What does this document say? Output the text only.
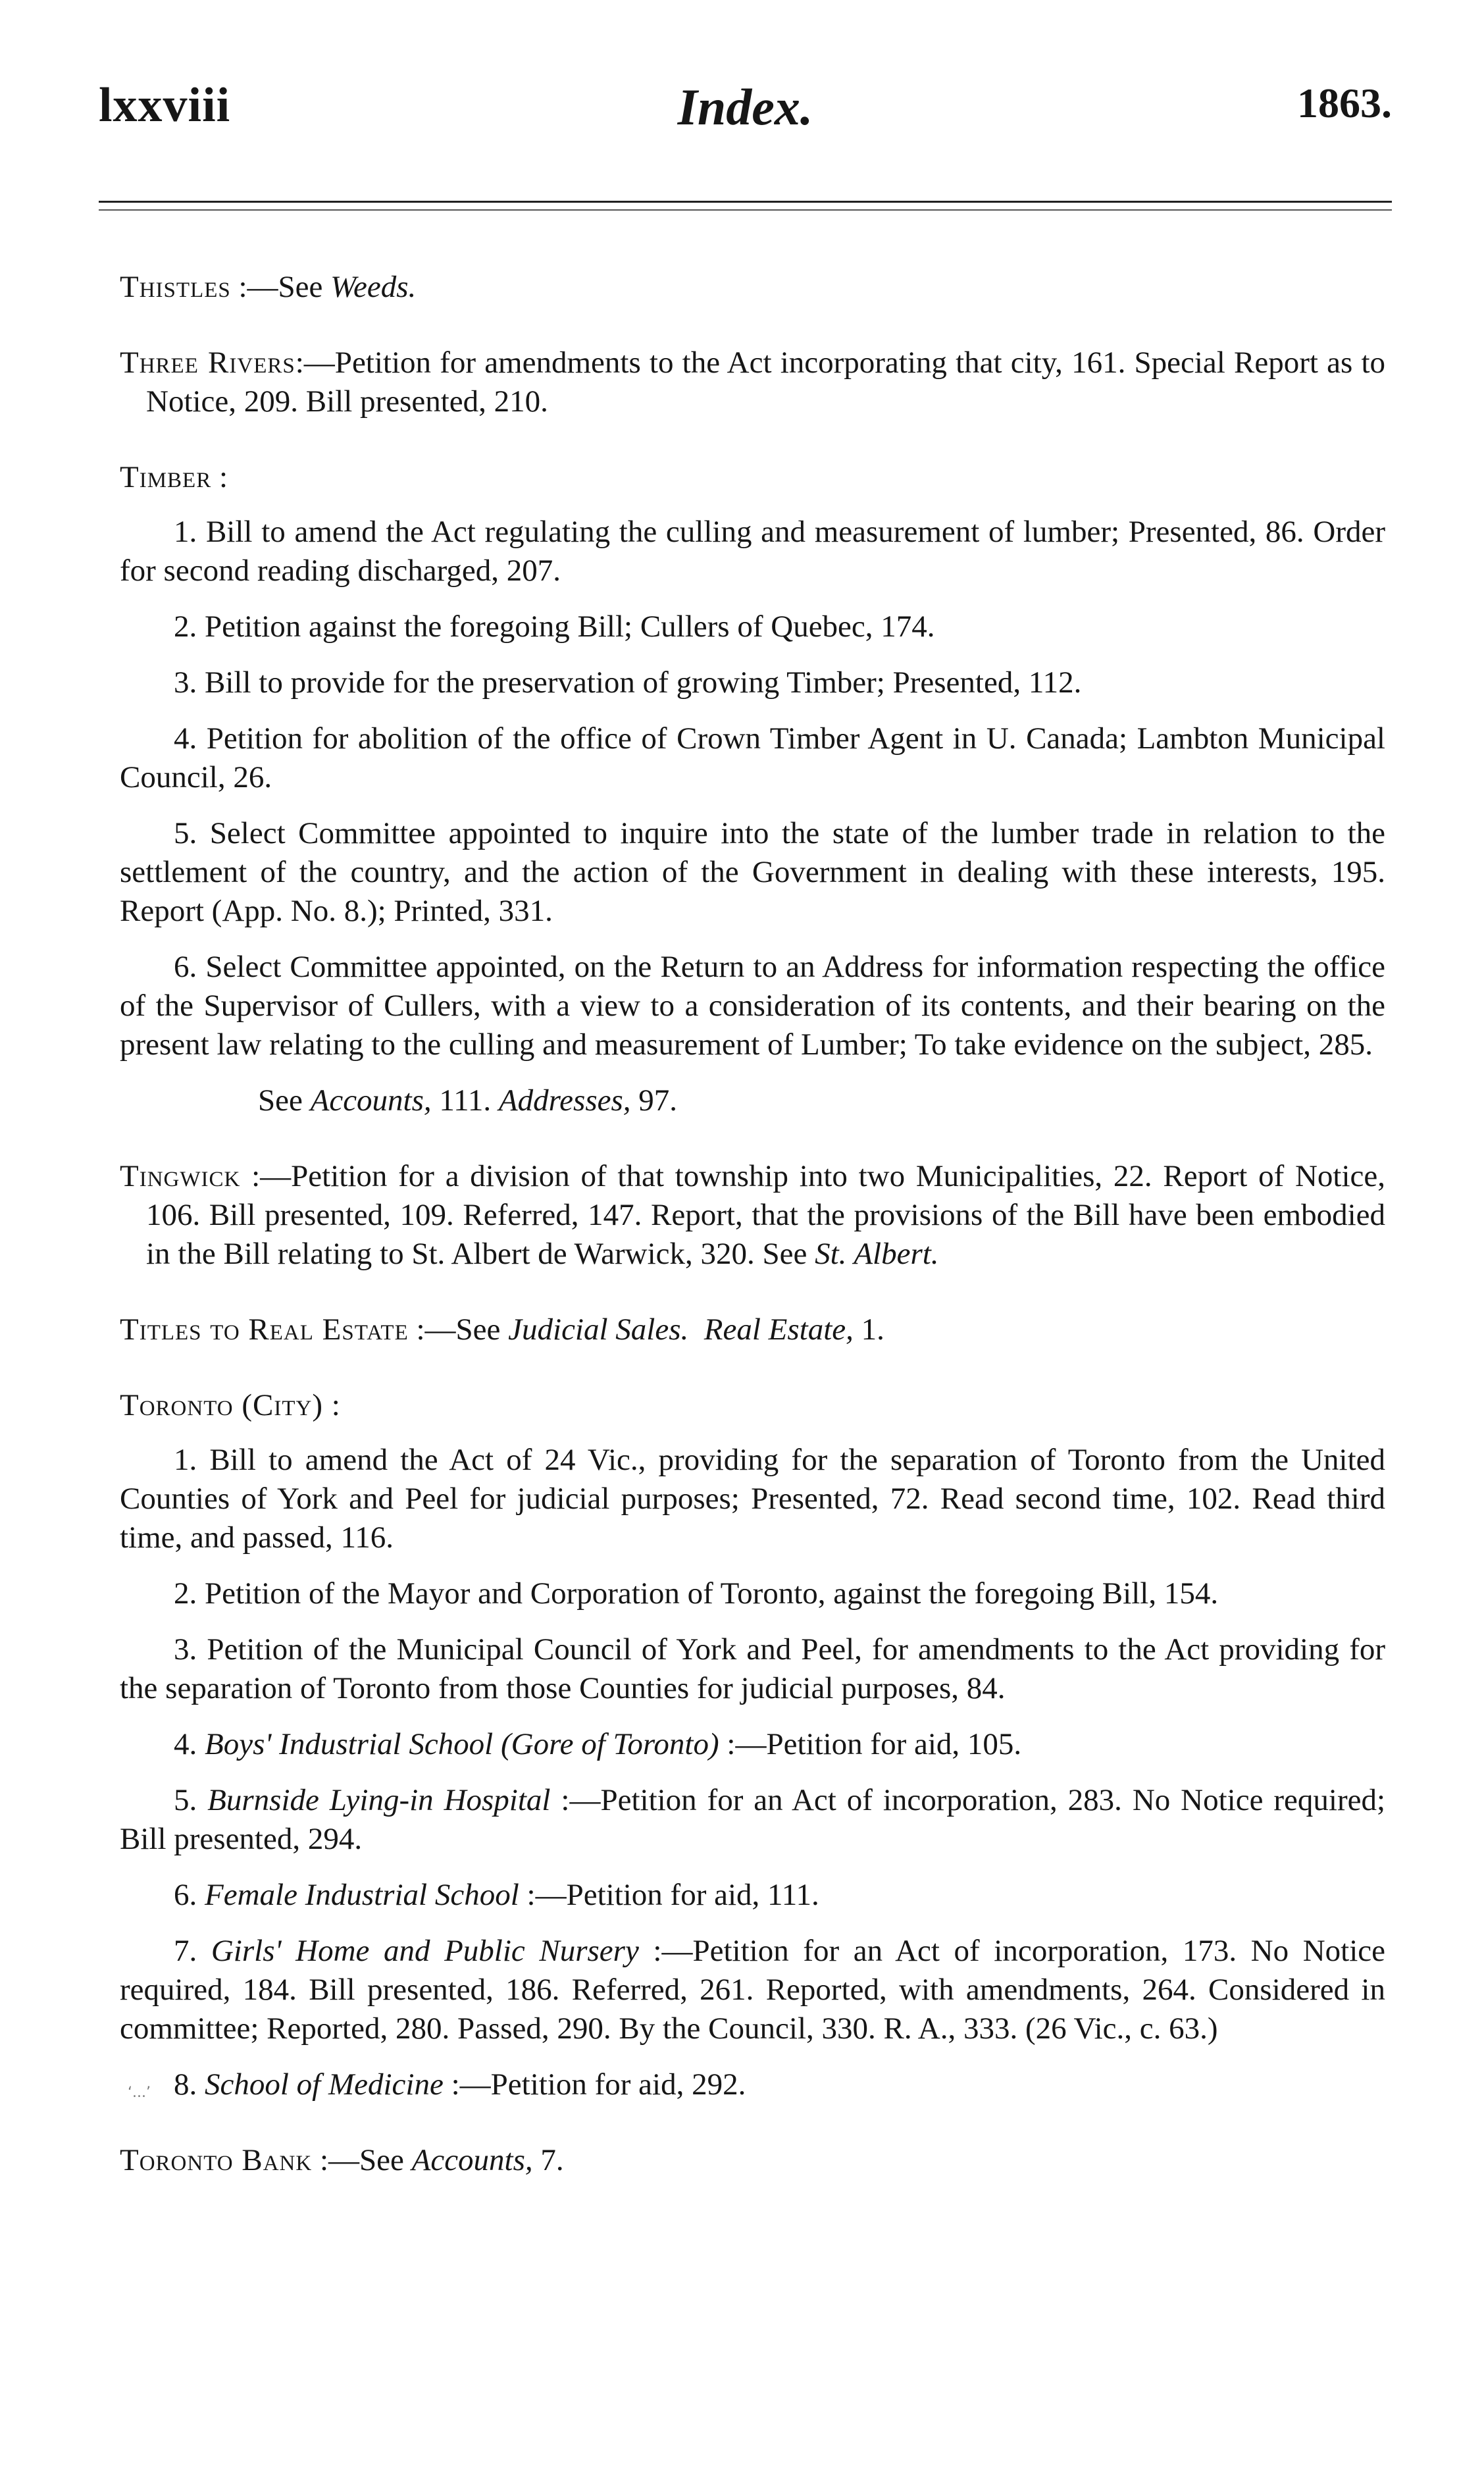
lxxviii	Index.	1863.

Thistles :—See Weeds.

Three Rivers:—Petition for amendments to the Act incorporating that city, 161. Special Report as to Notice, 209. Bill presented, 210.

Timber :

1. Bill to amend the Act regulating the culling and measurement of lumber; Presented, 86. Order for second reading discharged, 207.

2. Petition against the foregoing Bill; Cullers of Quebec, 174.

3. Bill to provide for the preservation of growing Timber; Presented, 112.

4. Petition for abolition of the office of Crown Timber Agent in U. Canada; Lambton Municipal Council, 26.

5. Select Committee appointed to inquire into the state of the lumber trade in relation to the settlement of the country, and the action of the Government in dealing with these interests, 195. Report (App. No. 8.); Printed, 331.

6. Select Committee appointed, on the Return to an Address for information respecting the office of the Supervisor of Cullers, with a view to a consideration of its contents, and their bearing on the present law relating to the culling and measurement of Lumber; To take evidence on the subject, 285.

See Accounts, 111. Addresses, 97.

Tingwick :—Petition for a division of that township into two Municipalities, 22. Report of Notice, 106. Bill presented, 109. Referred, 147. Report, that the provisions of the Bill have been embodied in the Bill relating to St. Albert de Warwick, 320. See St. Albert.

Titles to Real Estate :—See Judicial Sales. Real Estate, 1.

Toronto (City) :

1. Bill to amend the Act of 24 Vic., providing for the separation of Toronto from the United Counties of York and Peel for judicial purposes; Presented, 72. Read second time, 102. Read third time, and passed, 116.

2. Petition of the Mayor and Corporation of Toronto, against the foregoing Bill, 154.

3. Petition of the Municipal Council of York and Peel, for amendments to the Act providing for the separation of Toronto from those Counties for judicial purposes, 84.

4. Boys' Industrial School (Gore of Toronto) :—Petition for aid, 105.

5. Burnside Lying-in Hospital :—Petition for an Act of incorporation, 283. No Notice required; Bill presented, 294.

6. Female Industrial School :—Petition for aid, 111.

7. Girls' Home and Public Nursery :—Petition for an Act of incorporation, 173. No Notice required, 184. Bill presented, 186. Referred, 261. Reported, with amendments, 264. Considered in committee; Reported, 280. Passed, 290. By the Council, 330. R. A., 333. (26 Vic., c. 63.)

‘...’ 8. School of Medicine :—Petition for aid, 292.

Toronto Bank :—See Accounts, 7.
